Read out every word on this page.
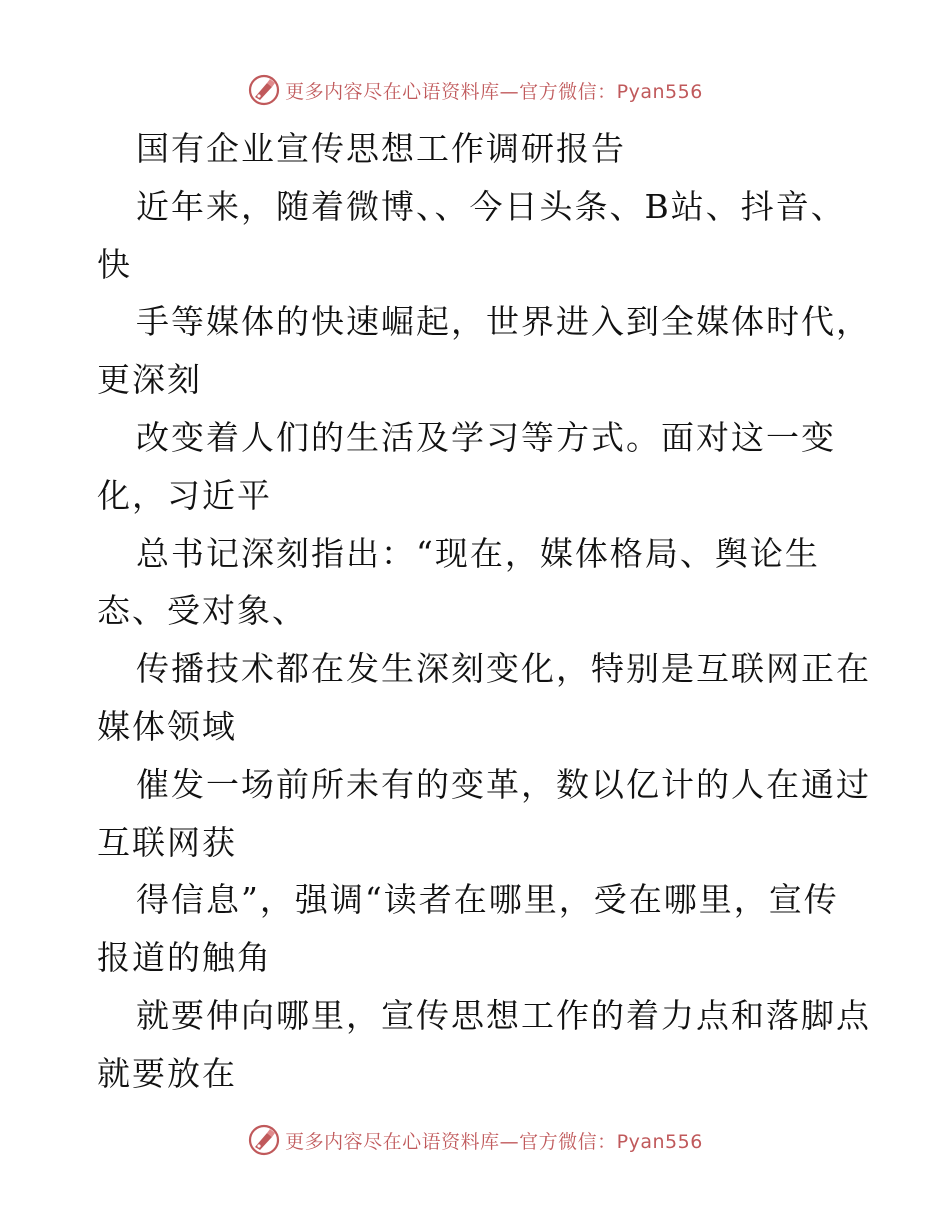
更多内容尽在心语资料库—官方微信：Pyan556
国有企业宣传思想工作调研报告
近年来，随着微博、、今日头条、B站、抖音、
快
手等媒体的快速崛起，世界进入到全媒体时代，
更深刻
改变着人们的生活及学习等方式。面对这一变
化，习近平
总书记深刻指出：“现在，媒体格局、舆论生
态、受对象、
传播技术都在发生深刻变化，特别是互联网正在
媒体领域
催发一场前所未有的变革，数以亿计的人在通过
互联网获
得信息”，强调“读者在哪里，受在哪里，宣传
报道的触角
就要伸向哪里，宣传思想工作的着力点和落脚点
就要放在
更多内容尽在心语资料库—官方微信：Pyan556
